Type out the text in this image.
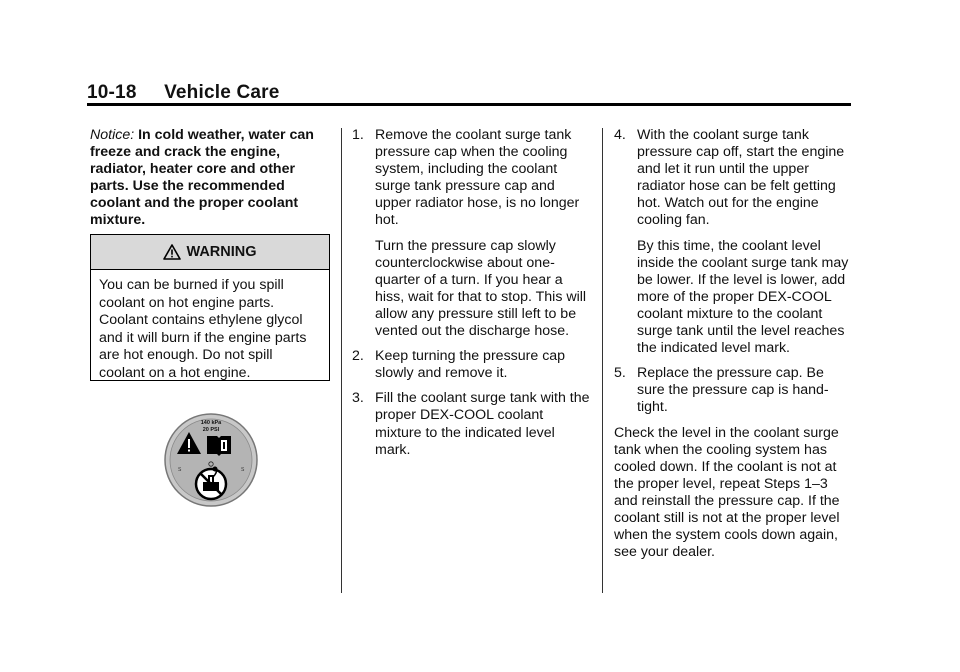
10-18 Vehicle Care
Notice: In cold weather, water can freeze and crack the engine, radiator, heater core and other parts. Use the recommended coolant and the proper coolant mixture.
WARNING
You can be burned if you spill coolant on hot engine parts. Coolant contains ethylene glycol and it will burn if the engine parts are hot enough. Do not spill coolant on a hot engine.
140 kPa
20 PSI
S	S
1. Remove the coolant surge tank pressure cap when the cooling system, including the coolant surge tank pressure cap and upper radiator hose, is no longer hot.

Turn the pressure cap slowly counterclockwise about one-quarter of a turn. If you hear a hiss, wait for that to stop. This will allow any pressure still left to be vented out the discharge hose.

2. Keep turning the pressure cap slowly and remove it.

3. Fill the coolant surge tank with the proper DEX-COOL coolant mixture to the indicated level mark.

4. With the coolant surge tank pressure cap off, start the engine and let it run until the upper radiator hose can be felt getting hot. Watch out for the engine cooling fan.

By this time, the coolant level inside the coolant surge tank may be lower. If the level is lower, add more of the proper DEX-COOL coolant mixture to the coolant surge tank until the level reaches the indicated level mark.

5. Replace the pressure cap. Be sure the pressure cap is hand-tight.

Check the level in the coolant surge tank when the cooling system has cooled down. If the coolant is not at the proper level, repeat Steps 1–3 and reinstall the pressure cap. If the coolant still is not at the proper level when the system cools down again, see your dealer.
